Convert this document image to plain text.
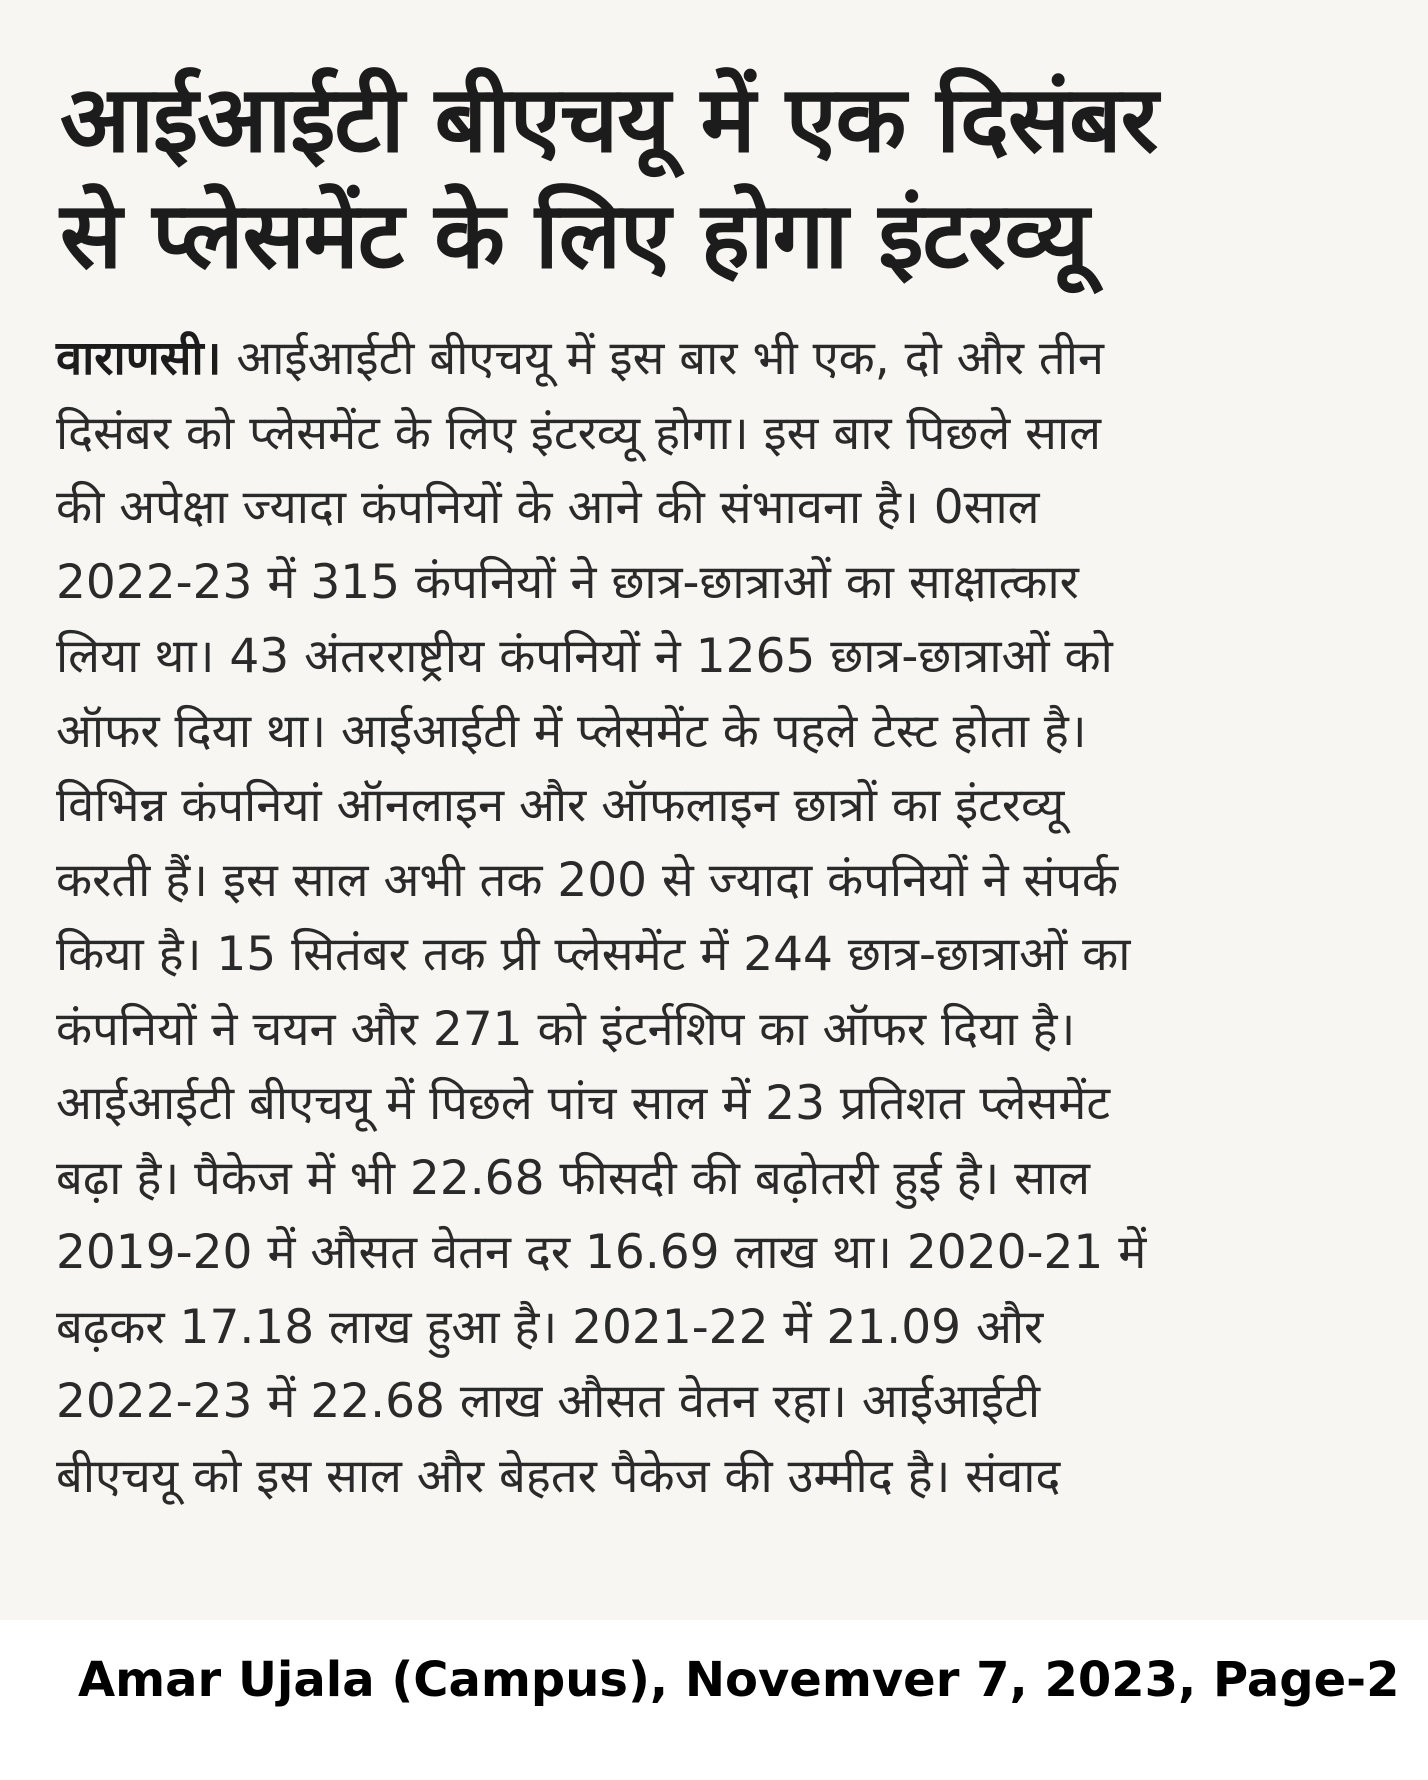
आईआईटी बीएचयू में एक दिसंबर
से प्लेसमेंट के लिए होगा इंटरव्यू
वाराणसी। आईआईटी बीएचयू में इस बार भी एक, दो और तीन
दिसंबर को प्लेसमेंट के लिए इंटरव्यू होगा। इस बार पिछले साल
की अपेक्षा ज्यादा कंपनियों के आने की संभावना है। 0साल
2022-23 में 315 कंपनियों ने छात्र-छात्राओं का साक्षात्कार
लिया था। 43 अंतरराष्ट्रीय कंपनियों ने 1265 छात्र-छात्राओं को
ऑफर दिया था। आईआईटी में प्लेसमेंट के पहले टेस्ट होता है।
विभिन्न कंपनियां ऑनलाइन और ऑफलाइन छात्रों का इंटरव्यू
करती हैं। इस साल अभी तक 200 से ज्यादा कंपनियों ने संपर्क
किया है। 15 सितंबर तक प्री प्लेसमेंट में 244 छात्र-छात्राओं का
कंपनियों ने चयन और 271 को इंटर्नशिप का ऑफर दिया है।
आईआईटी बीएचयू में पिछले पांच साल में 23 प्रतिशत प्लेसमेंट
बढ़ा है। पैकेज में भी 22.68 फीसदी की बढ़ोतरी हुई है। साल
2019-20 में औसत वेतन दर 16.69 लाख था। 2020-21 में
बढ़कर 17.18 लाख हुआ है। 2021-22 में 21.09 और
2022-23 में 22.68 लाख औसत वेतन रहा। आईआईटी
बीएचयू को इस साल और बेहतर पैकेज की उम्मीद है। संवाद
Amar Ujala (Campus), Novemver 7, 2023, Page-2
